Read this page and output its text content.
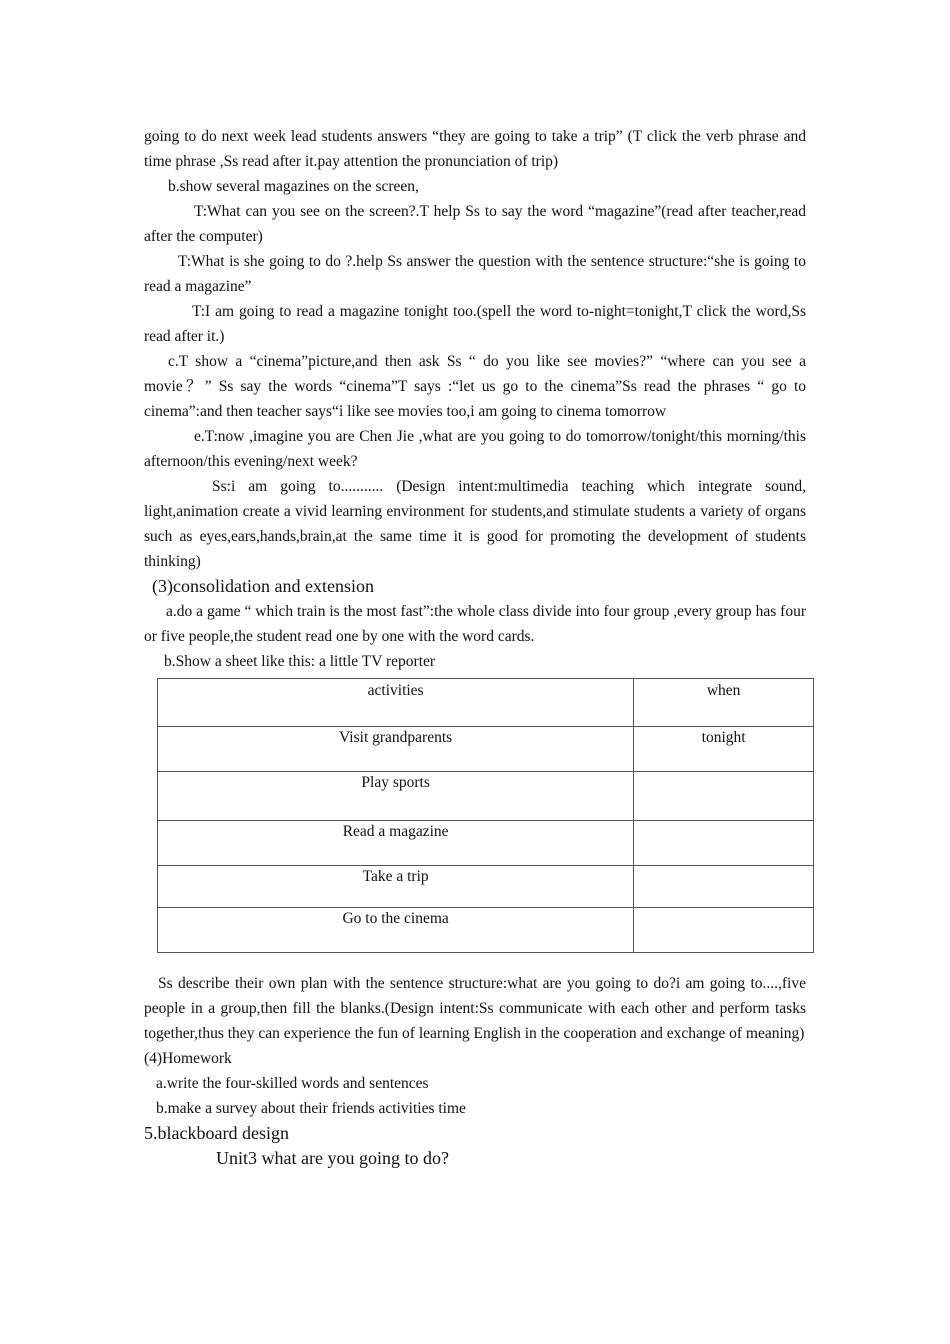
going to do next week lead students answers “they are going to take a trip” (T click the verb phrase and time phrase ,Ss read after it.pay attention the pronunciation of trip)

b.show several magazines on the screen,

T:What can you see on the screen?.T help Ss to say the word “magazine”(read after teacher,read after the computer)

T:What is she going to do ?.help Ss answer the question with the sentence structure:“she is going to read a magazine”

T:I am going to read a magazine tonight too.(spell the word to-night=tonight,T click the word,Ss read after it.)

c.T show a “cinema”picture,and then ask Ss “ do you like see movies?” “where can you see a movie？” Ss say the words “cinema”T says :“let us go to the cinema”Ss read the phrases “ go to cinema”:and then teacher says“i like see movies too,i am going to cinema tomorrow

e.T:now ,imagine you are Chen Jie ,what are you going to do tomorrow/tonight/this morning/this afternoon/this evening/next week?

Ss:i am going to........... (Design intent:multimedia teaching which integrate sound, light,animation create a vivid learning environment for students,and stimulate students a variety of organs such as eyes,ears,hands,brain,at the same time it is good for promoting the development of students thinking)

(3)consolidation and extension

a.do a game “ which train is the most fast”:the whole class divide into four group ,every group has four or five people,the student read one by one with the word cards.

b.Show a sheet like this: a little TV reporter

activities	when
Visit grandparents	tonight
Play sports	
Read a magazine	
Take a trip	
Go to the cinema	

Ss describe their own plan with the sentence structure:what are you going to do?i am going to....,five people in a group,then fill the blanks.(Design intent:Ss communicate with each other and perform tasks together,thus they can experience the fun of learning English in the cooperation and exchange of meaning)

(4)Homework

a.write the four-skilled words and sentences

b.make a survey about their friends activities time

5.blackboard design

Unit3 what are you going to do?
